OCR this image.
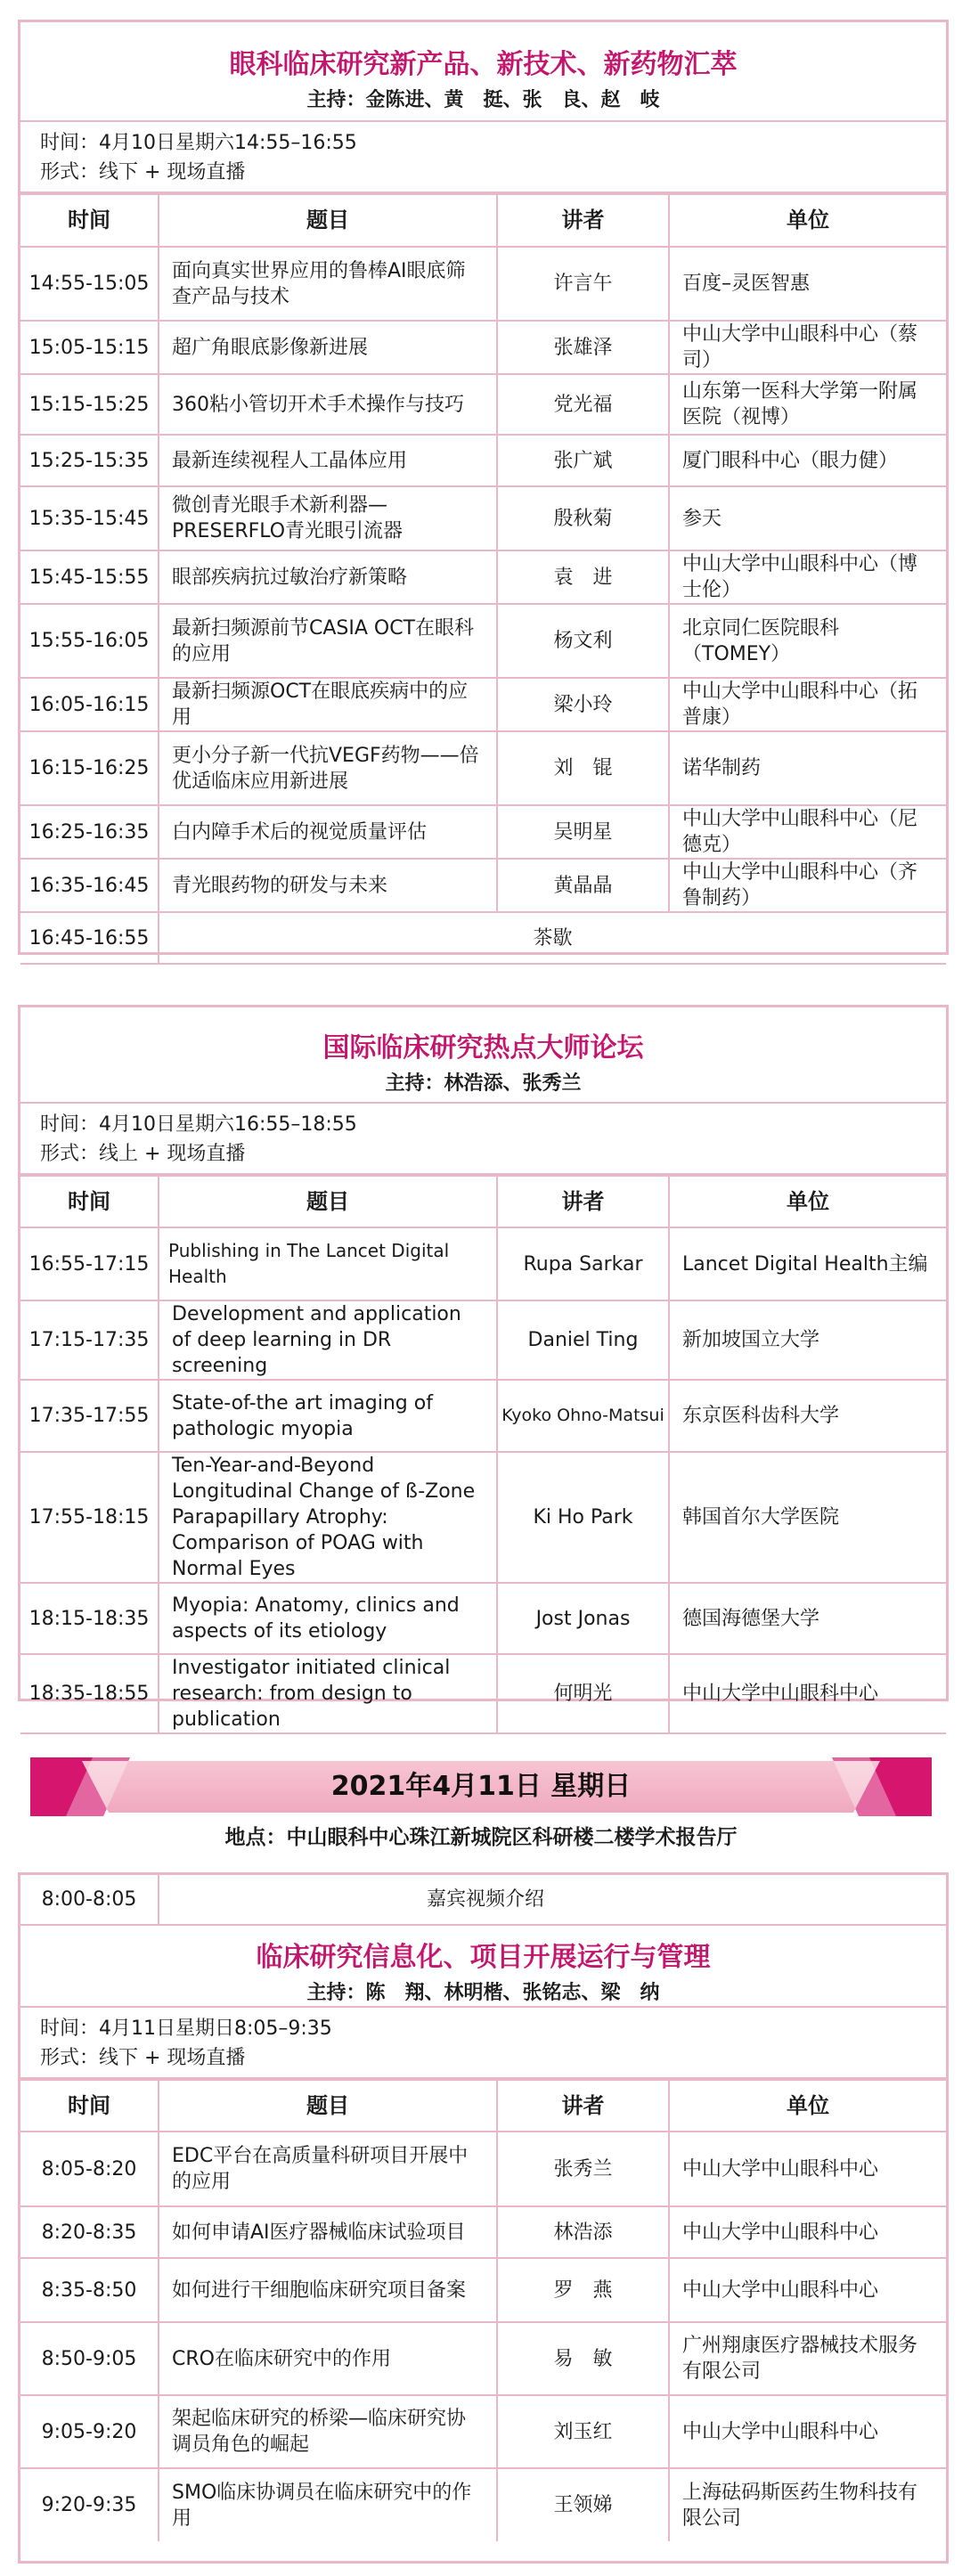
眼科临床研究新产品、新技术、新药物汇萃
主持：金陈进、黄　挺、张　良、赵　岐
时间：4月10日星期六14:55–16:55
形式：线下 + 现场直播
时间	题目	讲者	单位
14:55-15:05	面向真实世界应用的鲁棒AI眼底筛查产品与技术	许言午	百度–灵医智惠
15:05-15:15	超广角眼底影像新进展	张雄泽	中山大学中山眼科中心（蔡司）
15:15-15:25	360粘小管切开术手术操作与技巧	党光福	山东第一医科大学第一附属医院（视博）
15:25-15:35	最新连续视程人工晶体应用	张广斌	厦门眼科中心（眼力健）
15:35-15:45	微创青光眼手术新利器—PRESERFLO青光眼引流器	殷秋菊	参天
15:45-15:55	眼部疾病抗过敏治疗新策略	袁　进	中山大学中山眼科中心（博士伦）
15:55-16:05	最新扫频源前节CASIA OCT在眼科的应用	杨文利	北京同仁医院眼科（TOMEY）
16:05-16:15	最新扫频源OCT在眼底疾病中的应用	梁小玲	中山大学中山眼科中心（拓普康）
16:15-16:25	更小分子新一代抗VEGF药物——倍优适临床应用新进展	刘　锟	诺华制药
16:25-16:35	白内障手术后的视觉质量评估	吴明星	中山大学中山眼科中心（尼德克）
16:35-16:45	青光眼药物的研发与未来	黄晶晶	中山大学中山眼科中心（齐鲁制药）
16:45-16:55	茶歇		
国际临床研究热点大师论坛
主持：林浩添、张秀兰
时间：4月10日星期六16:55–18:55
形式：线上 + 现场直播
时间	题目	讲者	单位
16:55-17:15	Publishing in The Lancet Digital Health	Rupa Sarkar	Lancet Digital Health主编
17:15-17:35	Development and application of deep learning in DR screening	Daniel Ting	新加坡国立大学
17:35-17:55	State-of-the art imaging of pathologic myopia	Kyoko Ohno-Matsui	东京医科齿科大学
17:55-18:15	Ten-Year-and-Beyond Longitudinal Change of ß-Zone Parapapillary Atrophy: Comparison of POAG with Normal Eyes	Ki Ho Park	韩国首尔大学医院
18:15-18:35	Myopia: Anatomy, clinics and aspects of its etiology	Jost Jonas	德国海德堡大学
18:35-18:55	Investigator initiated clinical research: from design to publication	何明光	中山大学中山眼科中心
2021年4月11日 星期日
地点：中山眼科中心珠江新城院区科研楼二楼学术报告厅
8:00-8:05	嘉宾视频介绍
临床研究信息化、项目开展运行与管理
主持：陈　翔、林明楷、张铭志、梁　纳
时间：4月11日星期日8:05–9:35
形式：线下 + 现场直播
时间	题目	讲者	单位
8:05-8:20	EDC平台在高质量科研项目开展中的应用	张秀兰	中山大学中山眼科中心
8:20-8:35	如何申请AI医疗器械临床试验项目	林浩添	中山大学中山眼科中心
8:35-8:50	如何进行干细胞临床研究项目备案	罗　燕	中山大学中山眼科中心
8:50-9:05	CRO在临床研究中的作用	易　敏	广州翔康医疗器械技术服务有限公司
9:05-9:20	架起临床研究的桥梁—临床研究协调员角色的崛起	刘玉红	中山大学中山眼科中心
9:20-9:35	SMO临床协调员在临床研究中的作用	王领娣	上海砝码斯医药生物科技有限公司
